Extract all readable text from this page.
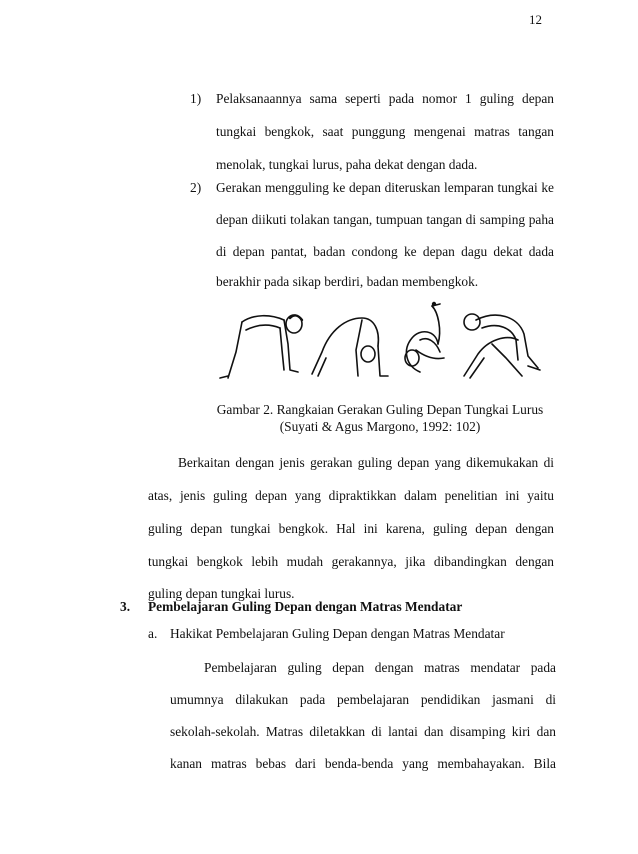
12
1) Pelaksanaannya sama seperti pada nomor 1 guling depan
tungkai bengkok, saat punggung mengenai matras tangan
menolak, tungkai lurus, paha dekat dengan dada.
2) Gerakan mengguling ke depan diteruskan lemparan tungkai ke
depan diikuti tolakan tangan, tumpuan tangan di samping paha
di depan pantat, badan condong ke depan dagu dekat dada
berakhir pada sikap berdiri, badan membengkok.
Gambar 2. Rangkaian Gerakan Guling Depan Tungkai Lurus
(Suyati & Agus Margono, 1992: 102)
Berkaitan dengan jenis gerakan guling depan yang dikemukakan di
atas, jenis guling depan yang dipraktikkan dalam penelitian ini yaitu
guling depan tungkai bengkok. Hal ini karena, guling depan dengan
tungkai bengkok lebih mudah gerakannya, jika dibandingkan dengan
guling depan tungkai lurus.
3. Pembelajaran Guling Depan dengan Matras Mendatar
a. Hakikat Pembelajaran Guling Depan dengan Matras Mendatar
Pembelajaran guling depan dengan matras mendatar pada
umumnya dilakukan pada pembelajaran pendidikan jasmani di
sekolah-sekolah. Matras diletakkan di lantai dan disamping kiri dan
kanan matras bebas dari benda-benda yang membahayakan. Bila
